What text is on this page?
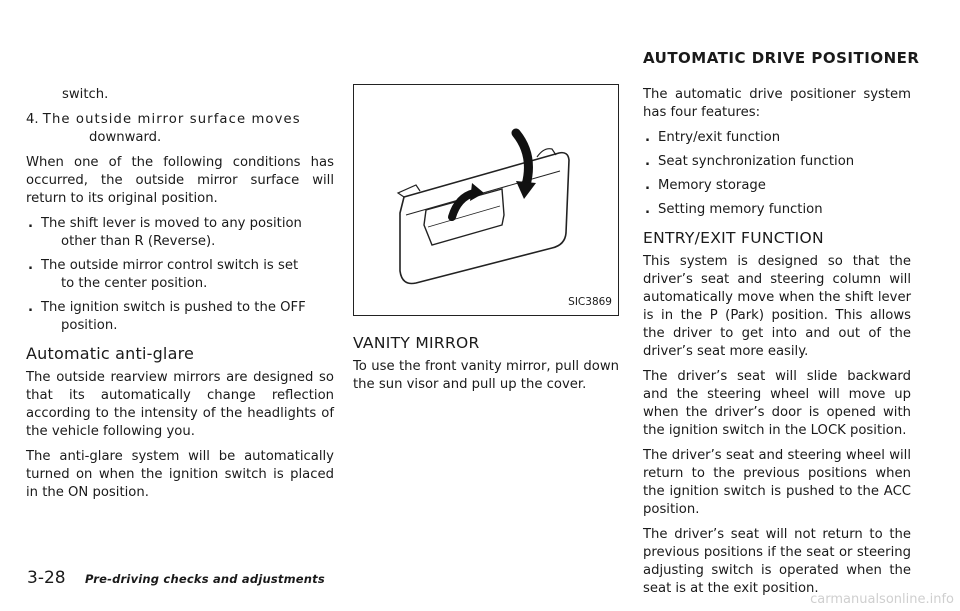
AUTOMATIC DRIVE POSITIONER

switch.

4. The outside mirror surface moves
downward.

When one of the following conditions has occurred, the outside mirror surface will return to its original position.

. The shift lever is moved to any position
other than R (Reverse).
. The outside mirror control switch is set
to the center position.
. The ignition switch is pushed to the OFF
position.
Automatic anti-glare

The outside rearview mirrors are designed so that its automatically change reflection according to the intensity of the headlights of the vehicle following you.

The anti-glare system will be automatically turned on when the ignition switch is placed in the ON position.

SIC3869
VANITY MIRROR

To use the front vanity mirror, pull down the sun visor and pull up the cover.

The automatic drive positioner system has four features:

. Entry/exit function
. Seat synchronization function
. Memory storage
. Setting memory function
ENTRY/EXIT FUNCTION

This system is designed so that the driver’s seat and steering column will automatically move when the shift lever is in the P (Park) position. This allows the driver to get into and out of the driver’s seat more easily.

The driver’s seat will slide backward and the steering wheel will move up when the driver’s door is opened with the ignition switch in the LOCK position.

The driver’s seat and steering wheel will return to the previous positions when the ignition switch is pushed to the ACC position.

The driver’s seat will not return to the previous positions if the seat or steering adjusting switch is operated when the seat is at the exit position.

3-28 Pre-driving checks and adjustments
carmanualsonline.info
